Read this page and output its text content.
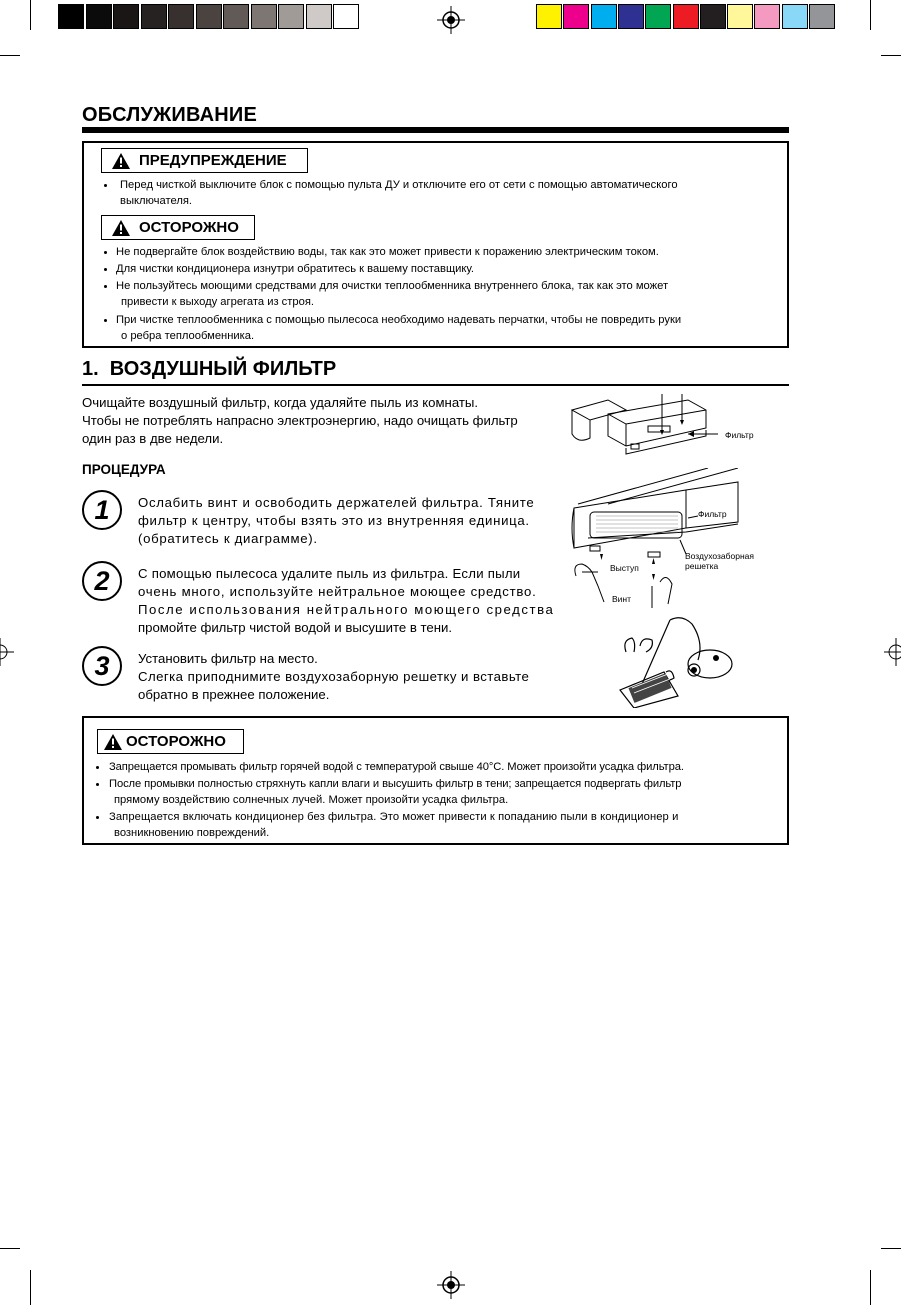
ОБСЛУЖИВАНИЕ
ПРЕДУПРЕЖДЕНИЕ
Перед чисткой выключите блок с помощью пульта ДУ и отключите его от сети с помощью автоматического
выключателя.
ОСТОРОЖНО
Не подвергайте блок воздействию воды, так как это может привести к поражению электрическим током.
Для чистки кондиционера изнутри обратитесь к вашему поставщику.
Не пользуйтесь моющими средствами для очистки теплообменника внутреннего блока, так как это может
привести к выходу агрегата из строя.
При чистке теплообменника с помощью пылесоса необходимо надевать перчатки, чтобы не повредить руки
о ребра теплообменника.
1.  ВОЗДУШНЫЙ ФИЛЬТР
Очищайте воздушный фильтр, когда удаляйте пыль из комнаты.
Чтобы не потреблять напрасно электроэнергию, надо очищать фильтр
один раз в две недели.
ПРОЦЕДУРА
1	Ослабить винт и освободить держателей фильтра. Тяните
фильтр к центру, чтобы взять это из внутренняя единица.
(обратитесь к диаграмме).
2	С помощью пылесоса удалите пыль из фильтра. Если пыли
очень много, используйте нейтральное моющее средство.
После использования нейтрального моющего средства
промойте фильтр чистой водой и высушите в тени.
3	Установить фильтр на место.
Слегка приподнимите воздухозаборную решетку и вставьте
обратно в прежнее положение.
Фильтр
Фильтр
Воздухозаборная
решетка
Выступ
Винт
ОСТОРОЖНО
Запрещается промывать фильтр горячей водой с температурой свыше 40°С. Может произойти усадка фильтра.
После промывки полностью стряхнуть капли влаги и высушить фильтр в тени; запрещается подвергать фильтр
прямому воздействию солнечных лучей. Может произойти усадка фильтра.
Запрещается включать кондиционер без фильтра. Это может привести к попаданию пыли в кондиционер и
возникновению повреждений.
